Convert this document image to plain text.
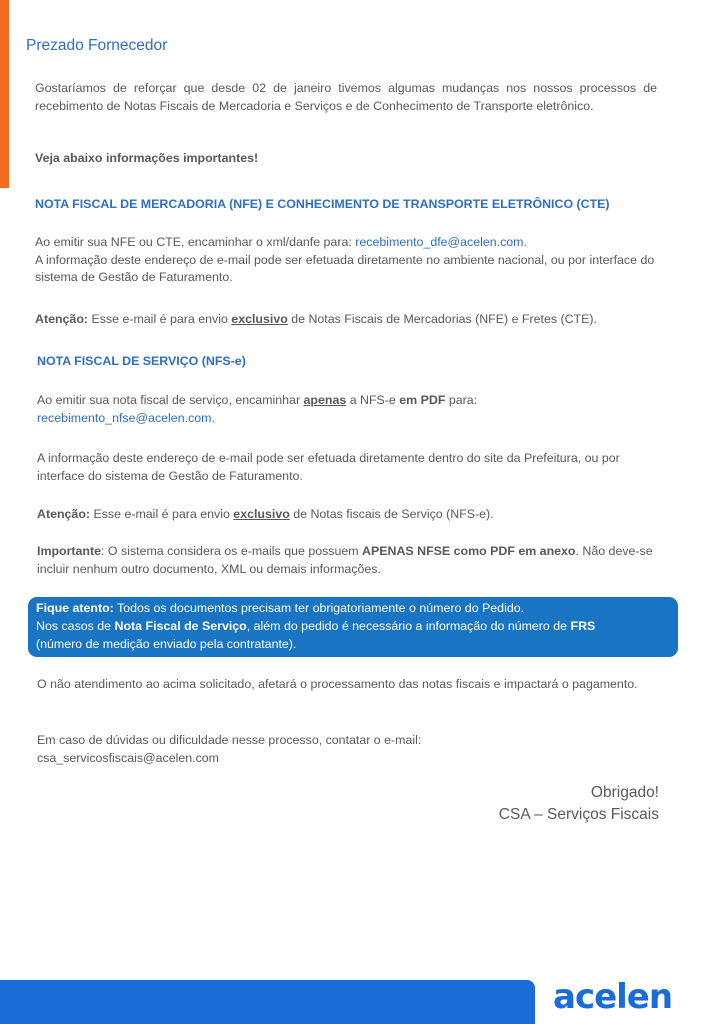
Prezado Fornecedor

Gostaríamos de reforçar que desde 02 de janeiro tivemos algumas mudanças nos nossos processos de recebimento de Notas Fiscais de Mercadoria e Serviços e de Conhecimento de Transporte eletrônico.

Veja abaixo informações importantes!

NOTA FISCAL DE MERCADORIA (NFE) E CONHECIMENTO DE TRANSPORTE ELETRÔNICO (CTE)

Ao emitir sua NFE ou CTE, encaminhar o xml/danfe para: recebimento_dfe@acelen.com.
A informação deste endereço de e-mail pode ser efetuada diretamente no ambiente nacional, ou por interface do sistema de Gestão de Faturamento.

Atenção: Esse e-mail é para envio exclusivo de Notas Fiscais de Mercadorias (NFE) e Fretes (CTE).

NOTA FISCAL DE SERVIÇO (NFS-e)

Ao emitir sua nota fiscal de serviço, encaminhar apenas a NFS-e em PDF para:
recebimento_nfse@acelen.com.

A informação deste endereço de e-mail pode ser efetuada diretamente dentro do site da Prefeitura, ou por interface do sistema de Gestão de Faturamento.

Atenção: Esse e-mail é para envio exclusivo de Notas fiscais de Serviço (NFS-e).

Importante: O sistema considera os e-mails que possuem APENAS NFSE como PDF em anexo. Não deve-se incluir nenhum outro documento, XML ou demais informações.

Fique atento: Todos os documentos precisam ter obrigatoriamente o número do Pedido.
Nos casos de Nota Fiscal de Serviço, além do pedido é necessário a informação do número de FRS
(número de medição enviado pela contratante).

O não atendimento ao acima solicitado, afetará o processamento das notas fiscais e impactará o pagamento.

Em caso de dúvidas ou dificuldade nesse processo, contatar o e-mail:
csa_servicosfiscais@acelen.com

Obrigado!

CSA – Serviços Fiscais

acelen
